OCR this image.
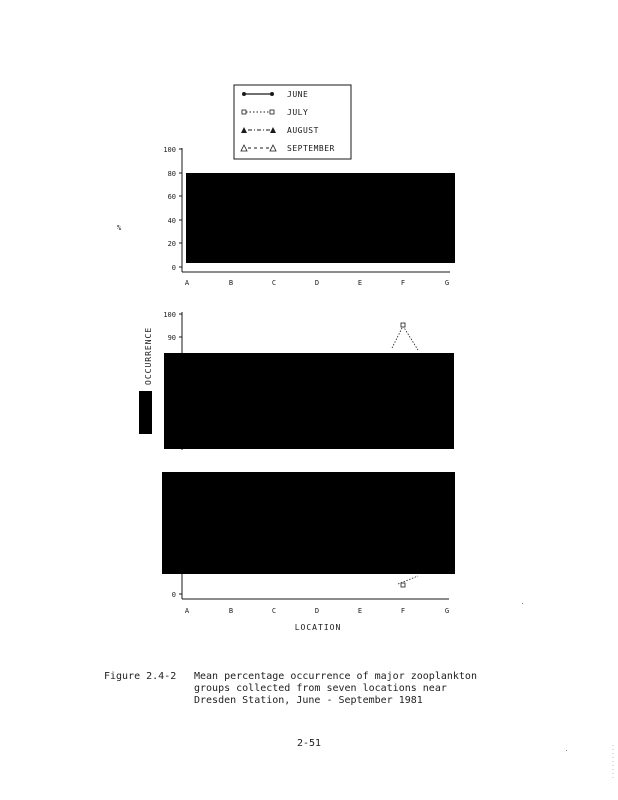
JUNE
JULY
AUGUST
SEPTEMBER
100
80
60
40
20
0
A	B	C	D	E	F	G
%
100
90
OCCURRENCE
0
A	B	C	D	E	F	G
LOCATION
Figure 2.4-2 Mean percentage occurrence of major zooplankton
groups collected from seven locations near
Dresden Station, June - September 1981
2-51
